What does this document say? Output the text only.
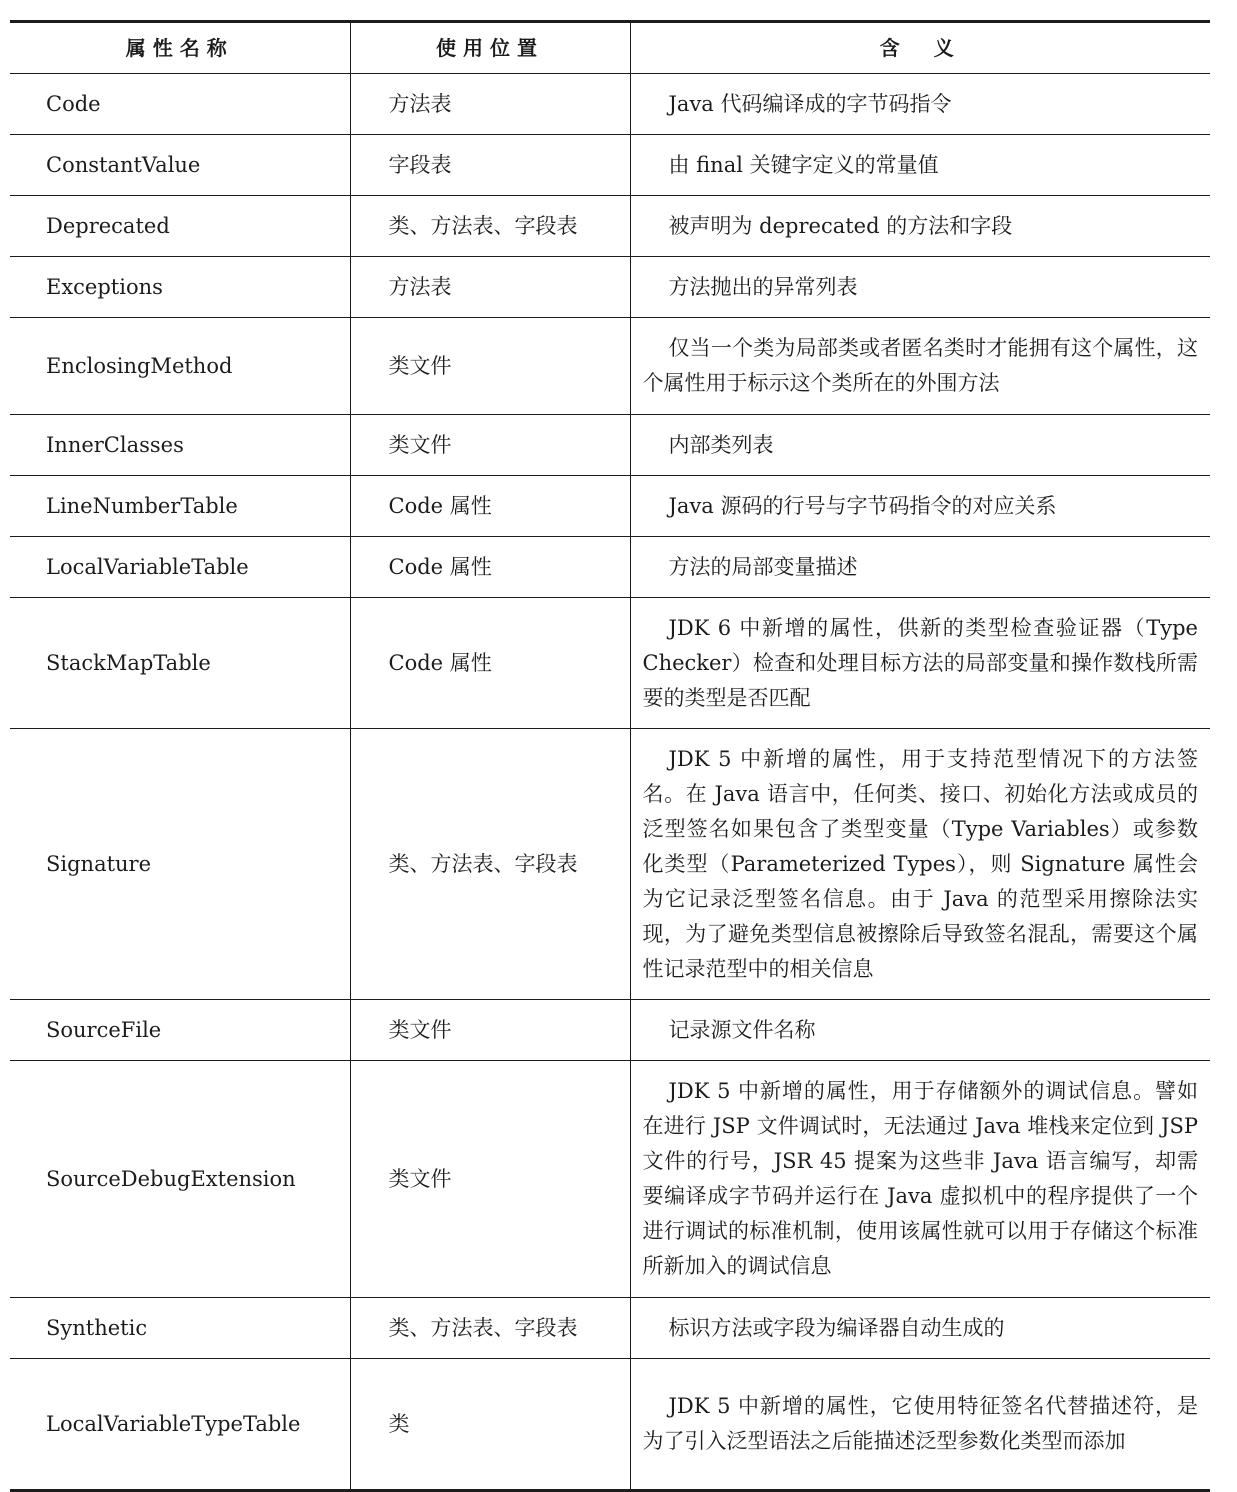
属性名称	使用位置	含　义
Code	方法表	Java 代码编译成的字节码指令
ConstantValue	字段表	由 final 关键字定义的常量值
Deprecated	类、方法表、字段表	被声明为 deprecated 的方法和字段
Exceptions	方法表	方法抛出的异常列表
EnclosingMethod	类文件	仅当一个类为局部类或者匿名类时才能拥有这个属性，这个属性用于标示这个类所在的外围方法
InnerClasses	类文件	内部类列表
LineNumberTable	Code 属性	Java 源码的行号与字节码指令的对应关系
LocalVariableTable	Code 属性	方法的局部变量描述
StackMapTable	Code 属性	JDK 6 中新增的属性，供新的类型检查验证器（Type Checker）检查和处理目标方法的局部变量和操作数栈所需要的类型是否匹配
Signature	类、方法表、字段表	JDK 5 中新增的属性，用于支持范型情况下的方法签名。在 Java 语言中，任何类、接口、初始化方法或成员的泛型签名如果包含了类型变量（Type Variables）或参数化类型（Parameterized Types），则 Signature 属性会为它记录泛型签名信息。由于 Java 的范型采用擦除法实现，为了避免类型信息被擦除后导致签名混乱，需要这个属性记录范型中的相关信息
SourceFile	类文件	记录源文件名称
SourceDebugExtension	类文件	JDK 5 中新增的属性，用于存储额外的调试信息。譬如在进行 JSP 文件调试时，无法通过 Java 堆栈来定位到 JSP 文件的行号，JSR 45 提案为这些非 Java 语言编写，却需要编译成字节码并运行在 Java 虚拟机中的程序提供了一个进行调试的标准机制，使用该属性就可以用于存储这个标准所新加入的调试信息
Synthetic	类、方法表、字段表	标识方法或字段为编译器自动生成的
LocalVariableTypeTable	类	JDK 5 中新增的属性，它使用特征签名代替描述符，是为了引入泛型语法之后能描述泛型参数化类型而添加
